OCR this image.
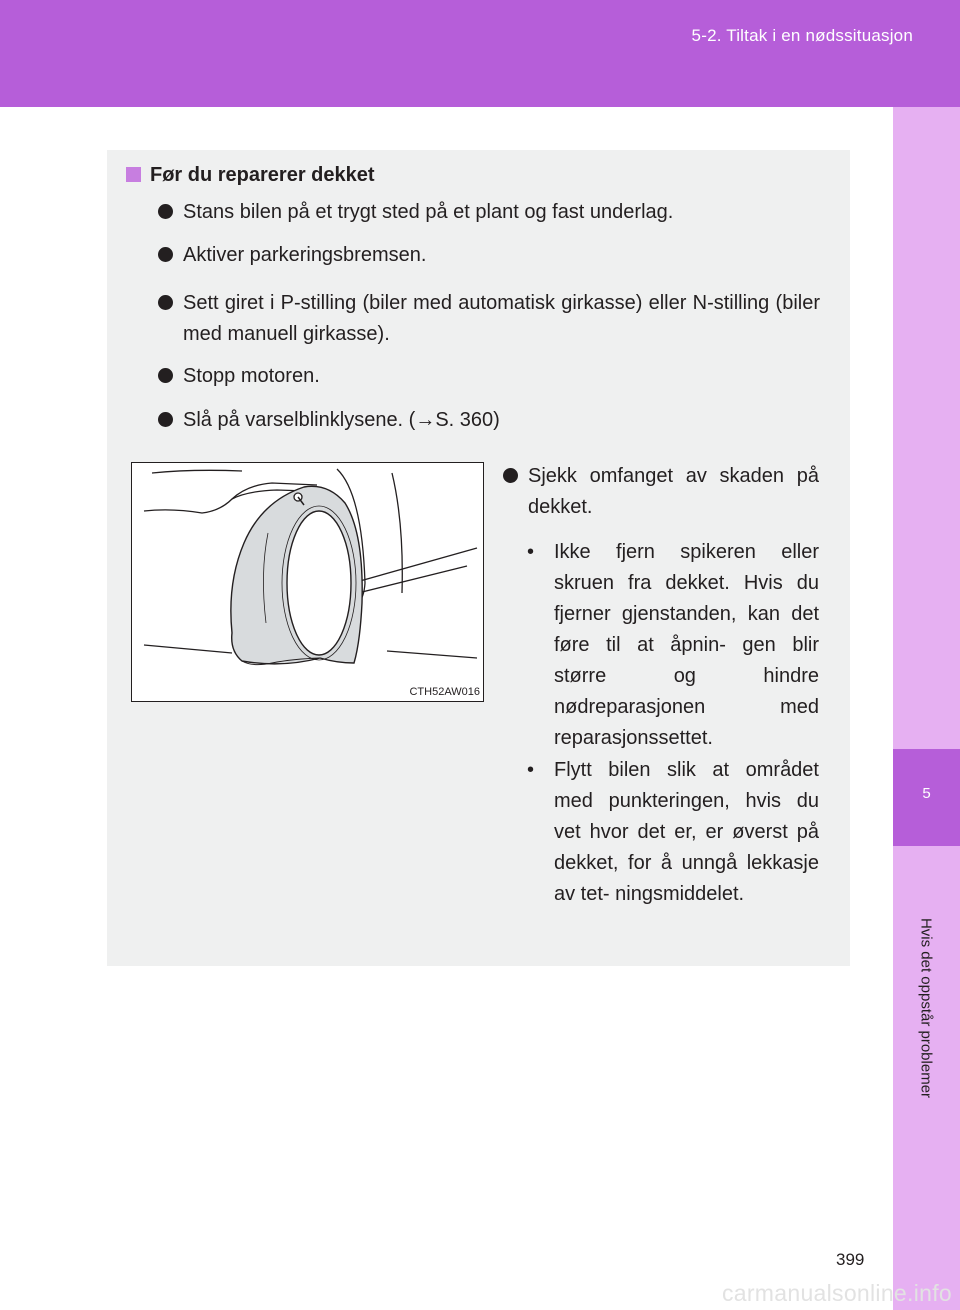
5-2. Tiltak i en nødssituasjon
5
Hvis det oppstår problemer
Før du reparerer dekket
Stans bilen på et trygt sted på et plant og fast underlag.
Aktiver parkeringsbremsen.
Sett giret i P-stilling (biler med automatisk girkasse) eller N-stilling (biler med manuell girkasse).
Stopp motoren.
Slå på varselblinklysene. (→S. 360)
CTH52AW016
Sjekk omfanget av skaden på dekket.
• Ikke fjern spikeren eller skruen fra dekket. Hvis du fjerner gjenstanden, kan det føre til at åpnin- gen blir større og hindre nødreparasjonen med reparasjonssettet.
• Flytt bilen slik at området med punkteringen, hvis du vet hvor det er, er øverst på dekket, for å unngå lekkasje av tet- ningsmiddelet.
399
carmanualsonline.info
